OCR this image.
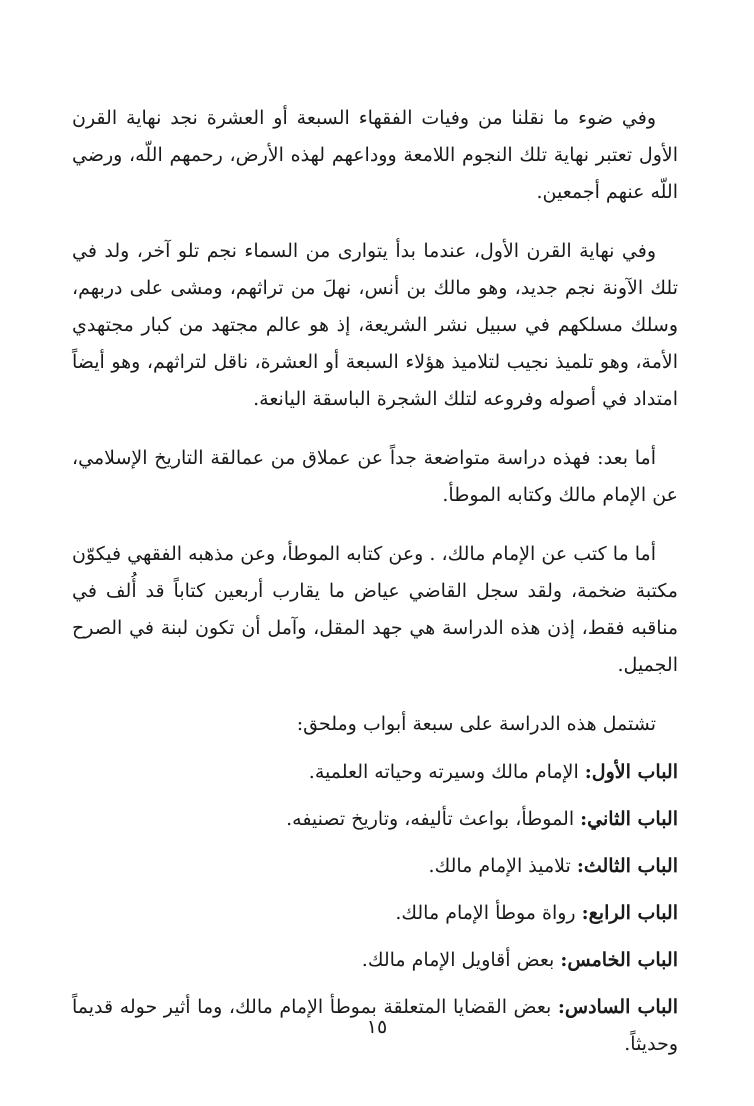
وفي ضوء ما نقلنا من وفيات الفقهاء السبعة أو العشرة نجد نهاية القرن الأول تعتبر نهاية تلك النجوم اللامعة ووداعهم لهذه الأرض، رحمهم اللّه، ورضي اللّه عنهم أجمعين.

وفي نهاية القرن الأول، عندما بدأ يتوارى من السماء نجم تلو آخر، ولد في تلك الآونة نجم جديد، وهو مالك بن أنس، نهلَ من تراثهم، ومشى على دربهم، وسلك مسلكهم في سبيل نشر الشريعة، إذ هو عالم مجتهد من كبار مجتهدي الأمة، وهو تلميذ نجيب لتلاميذ هؤلاء السبعة أو العشرة، ناقل لتراثهم، وهو أيضاً امتداد في أصوله وفروعه لتلك الشجرة الباسقة اليانعة.

أما بعد: فهذه دراسة متواضعة جداً عن عملاق من عمالقة التاريخ الإسلامي، عن الإمام مالك وكتابه الموطأ.

أما ما كتب عن الإمام مالك، . وعن كتابه الموطأ، وعن مذهبه الفقهي فيكوّن مكتبة ضخمة، ولقد سجل القاضي عياض ما يقارب أربعين كتاباً قد أُلف في مناقبه فقط، إذن هذه الدراسة هي جهد المقل، وآمل أن تكون لبنة في الصرح الجميل.

تشتمل هذه الدراسة على سبعة أبواب وملحق:

الباب الأول: الإمام مالك وسيرته وحياته العلمية.

الباب الثاني: الموطأ، بواعث تأليفه، وتاريخ تصنيفه.

الباب الثالث: تلاميذ الإمام مالك.

الباب الرابع: رواة موطأ الإمام مالك.

الباب الخامس: بعض أقاويل الإمام مالك.

الباب السادس: بعض القضايا المتعلقة بموطأ الإمام مالك، وما أثير حوله قديماً وحديثاً.

١٥
